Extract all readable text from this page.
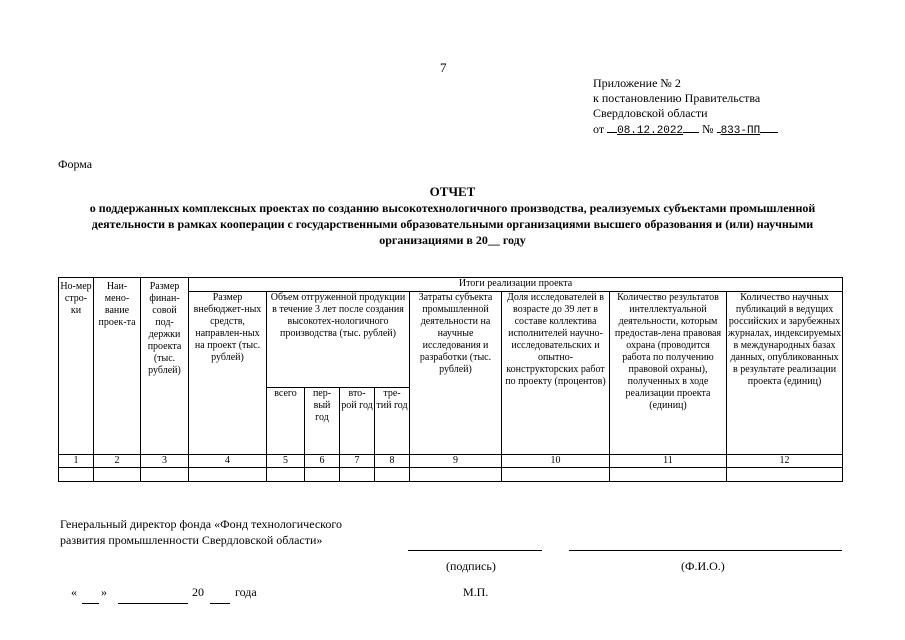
7
Приложение № 2
к постановлению Правительства
Свердловской области
от 08.12.2022 № 833-ПП
Форма
ОТЧЕТ
о поддержанных комплексных проектах по созданию высокотехнологичного производства, реализуемых субъектами промышленной деятельности в рамках кооперации с государственными образовательными организациями высшего образования и (или) научными организациями в 20__ году
Но-мер стро-ки	Наи-мено-вание проек-та	Размер финан-совой под-держки проекта (тыс. рублей)	Итоги реализации проекта								
			Размер внебюджет-ных средств, направлен-ных на проект (тыс. рублей)	Объем отгруженной продукции в течение 3 лет после создания высокотех-нологичного производства (тыс. рублей)				Затраты субъекта промышленной деятельности на научные исследования и разработки (тыс. рублей)	Доля исследователей в возрасте до 39 лет в составе коллектива исполнителей научно-исследовательских и опытно-конструкторских работ по проекту (процентов)	Количество результатов интеллектуальной деятельности, которым предостав-лена правовая охрана (проводится работа по получению правовой охраны), полученных в ходе реализации проекта (единиц)	Количество научных публикаций в ведущих российских и зарубежных журналах, индексируемых в международных базах данных, опубликованных в результате реализации проекта (единиц)
				всего	пер-вый год	вто-рой год	тре-тий год				
1	2	3	4	5	6	7	8	9	10	11	12

Генеральный директор фонда «Фонд технологического
развития промышленности Свердловской области»
(подпись)	(Ф.И.О.)
« »	20	года	М.П.
